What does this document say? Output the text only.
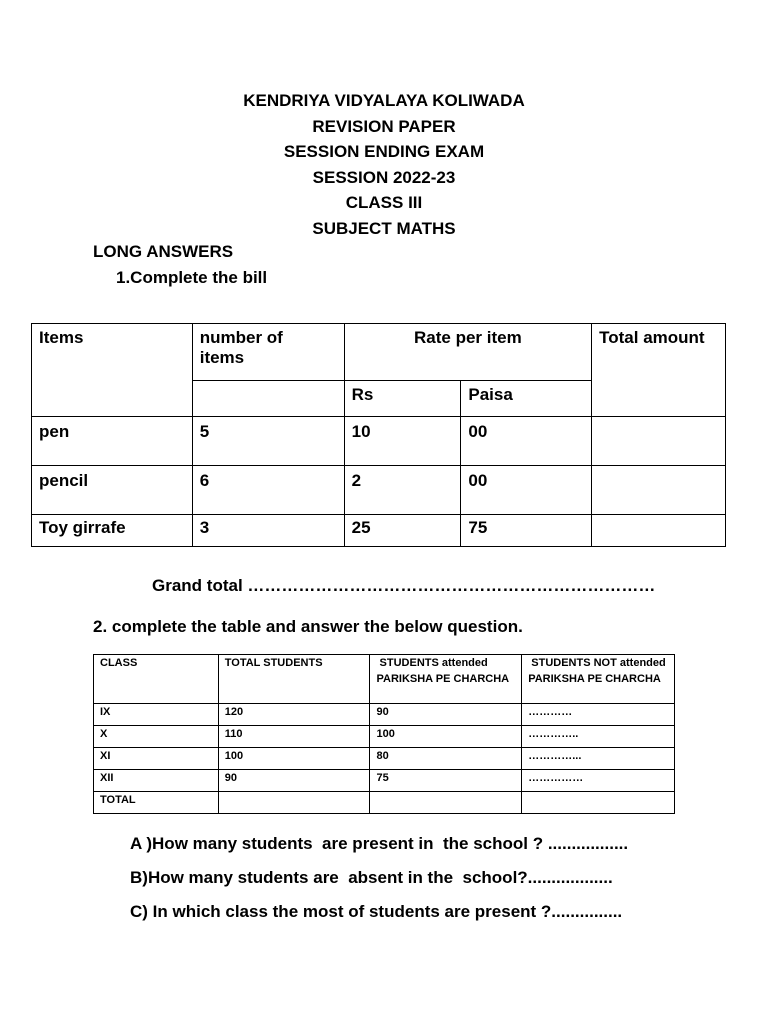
KENDRIYA VIDYALAYA KOLIWADA
REVISION PAPER
SESSION ENDING EXAM
SESSION 2022-23
CLASS III
SUBJECT MATHS
LONG ANSWERS
1.Complete the bill
Items	number of items	Rate per item		Total amount
		Rs	Paisa	
pen	5	10	00	
pencil	6	2	00	
Toy girrafe	3	25	75	
Grand total ………………………………………………………………
2. complete the table and answer the below question.
CLASS	TOTAL STUDENTS	STUDENTS attended PARIKSHA PE CHARCHA	STUDENTS NOT attended PARIKSHA PE CHARCHA
IX	120	90	…………
X	110	100	…………..
XI	100	80	…………...
XII	90	75	……………
TOTAL			
A )How many students  are present in  the school ? .................
B)How many students are  absent in the  school?..................
C) In which class the most of students are present ?...............
